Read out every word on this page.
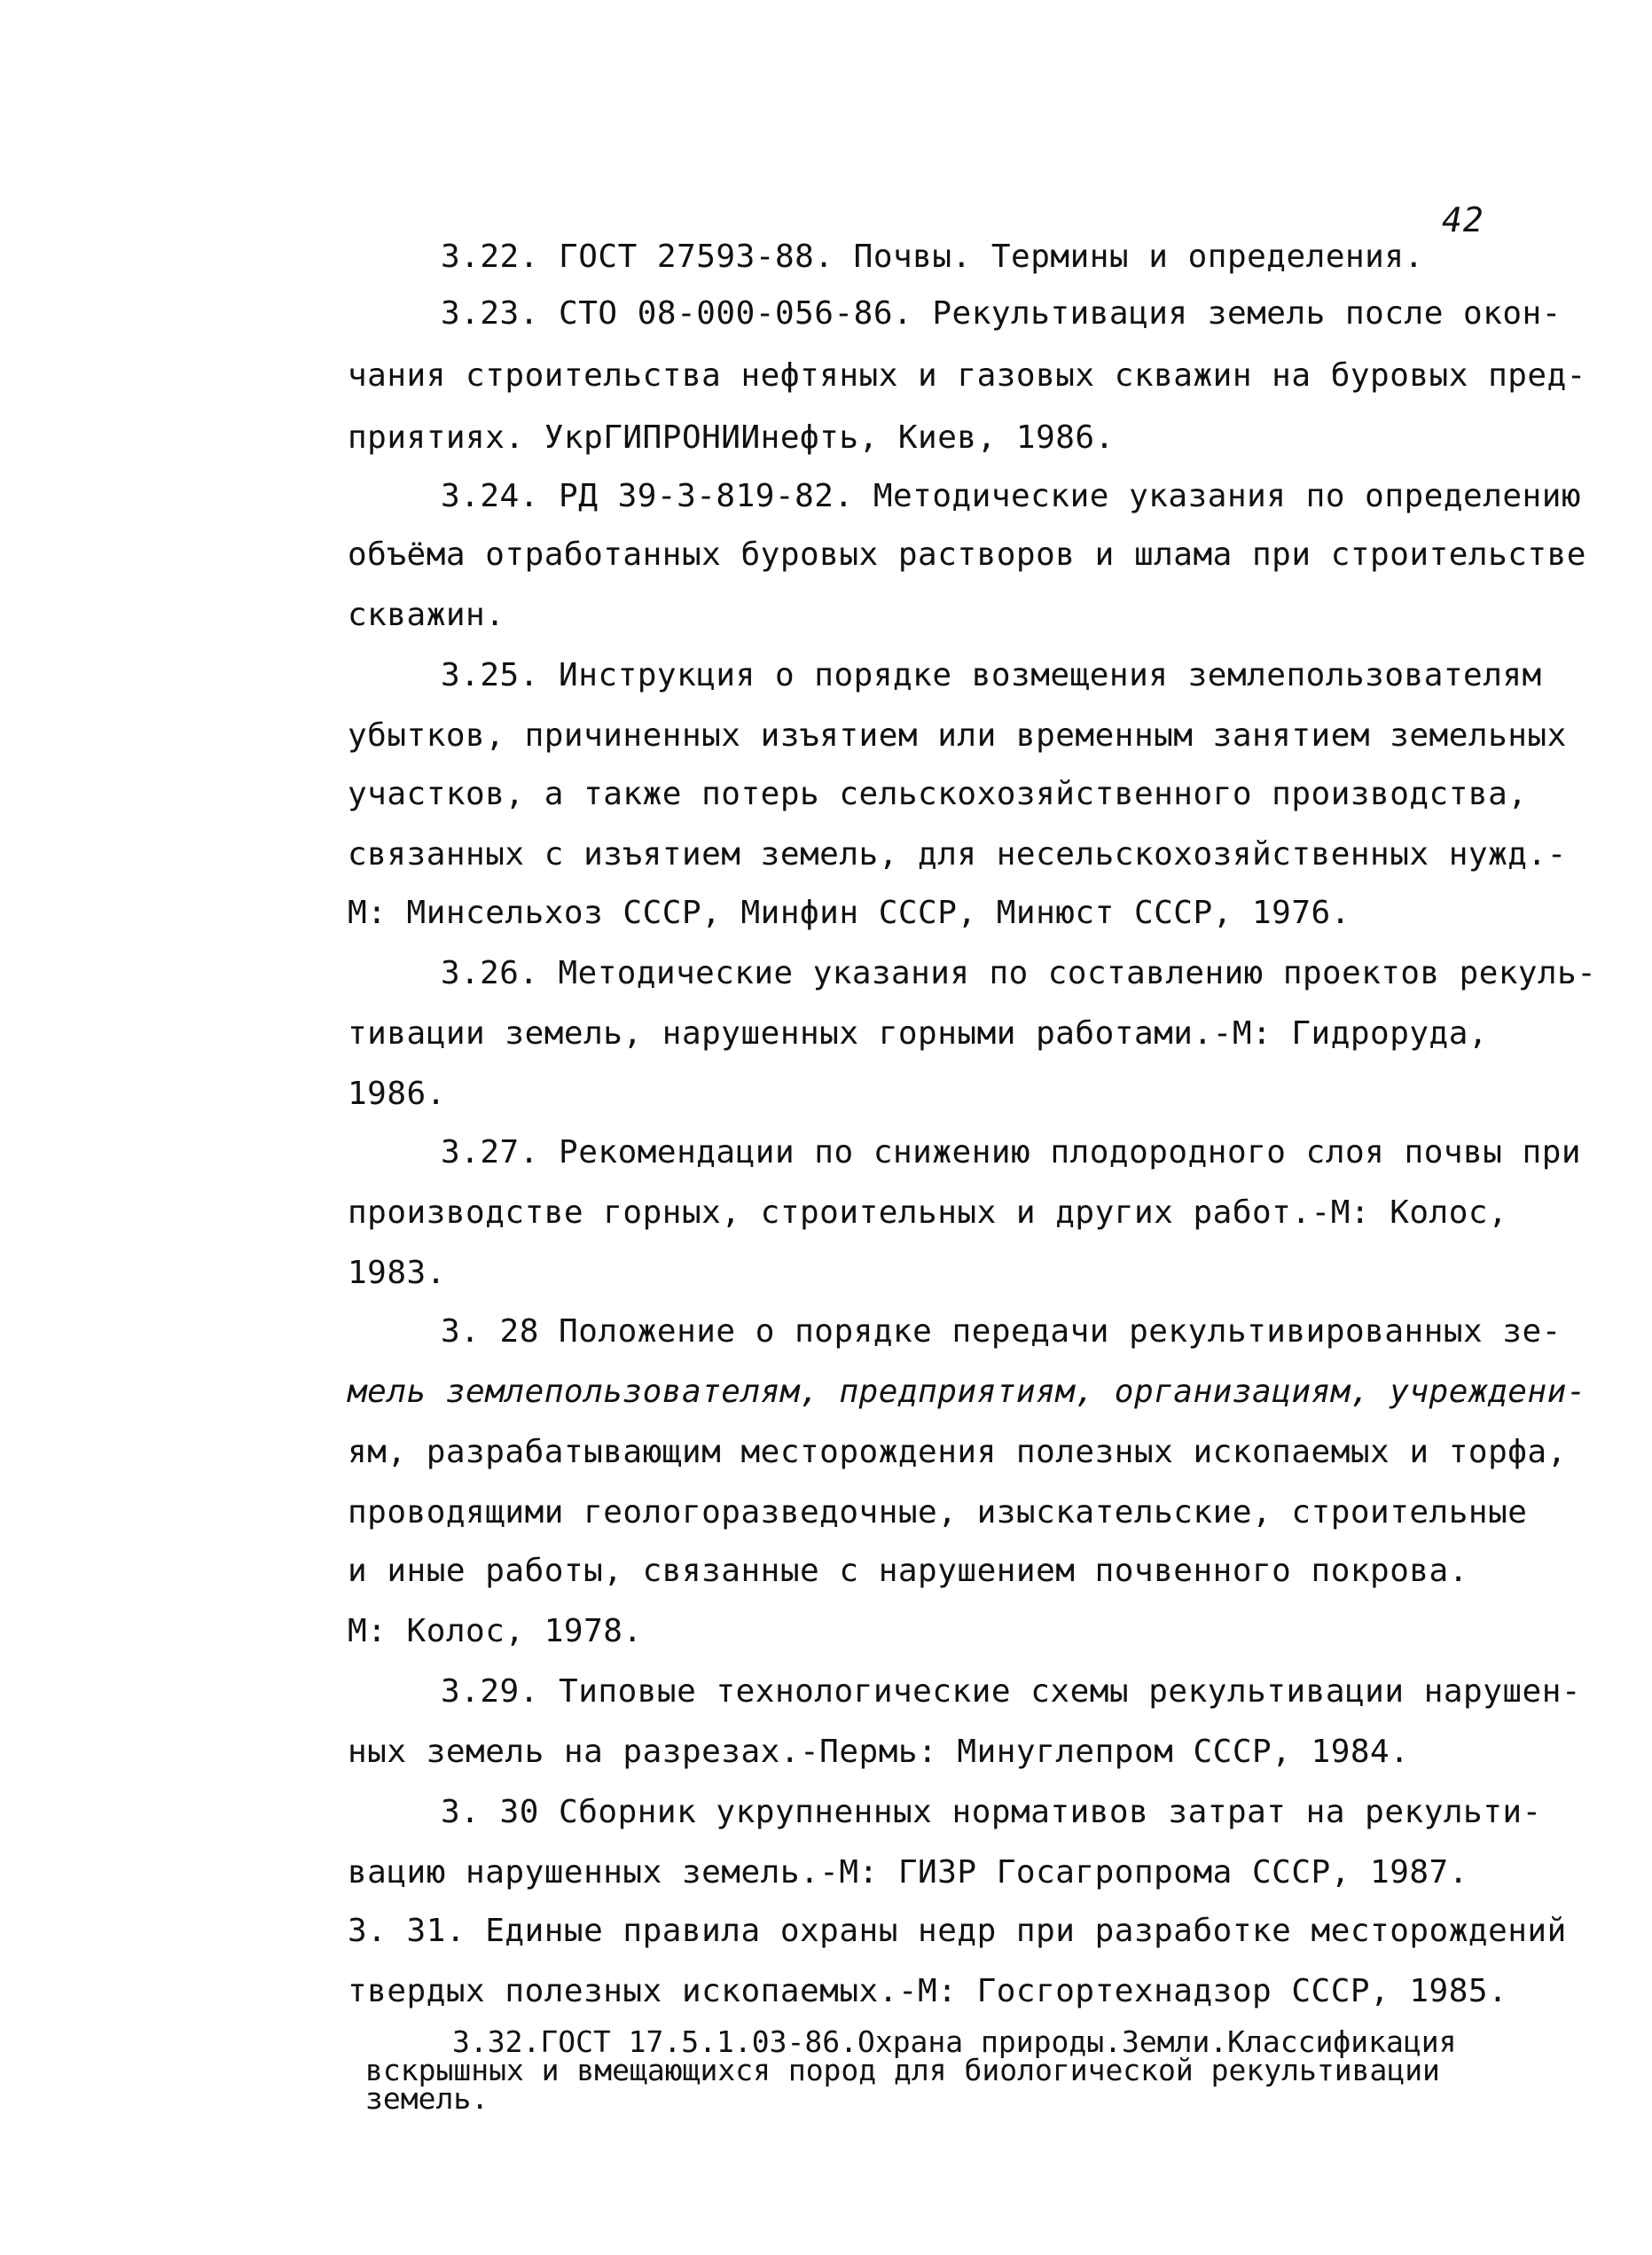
42
3.22. ГОСТ 27593-88. Почвы. Термины и определения.
3.23. СТО 08-000-056-86. Рекультивация земель после окон-
чания строительства нефтяных и газовых скважин на буровых пред-
приятиях. УкрГИПРОНИИнефть, Киев, 1986.
3.24. РД 39-3-819-82. Методические указания по определению
объёма отработанных буровых растворов и шлама при строительстве
скважин.
3.25. Инструкция о порядке возмещения землепользователям
убытков, причиненных изъятием или временным занятием земельных
участков, а также потерь сельскохозяйственного производства,
связанных с изъятием земель, для несельскохозяйственных нужд.-
М: Минсельхоз СССР, Минфин СССР, Минюст СССР, 1976.
3.26. Методические указания по составлению проектов рекуль-
тивации земель, нарушенных горными работами.-М: Гидроруда,
1986.
3.27. Рекомендации по снижению плодородного слоя почвы при
производстве горных, строительных и других работ.-М: Колос,
1983.
3. 28 Положение о порядке передачи рекультивированных зе-
мель землепользователям, предприятиям, организациям, учреждени-
ям, разрабатывающим месторождения полезных ископаемых и торфа,
проводящими геологоразведочные, изыскательские, строительные
и иные работы, связанные с нарушением почвенного покрова.
М: Колос, 1978.
3.29. Типовые технологические схемы рекультивации нарушен-
ных земель на разрезах.-Пермь: Минуглепром СССР, 1984.
3. 30 Сборник укрупненных нормативов затрат на рекульти-
вацию нарушенных земель.-М: ГИЗР Госагропрома СССР, 1987.
3. 31. Единые правила охраны недр при разработке месторождений
твердых полезных ископаемых.-М: Госгортехнадзор СССР, 1985.
3.32.ГОСТ 17.5.1.03-86.Охрана природы.Земли.Классификация
вскрышных и вмещающихся пород для биологической рекультивации
земель.
